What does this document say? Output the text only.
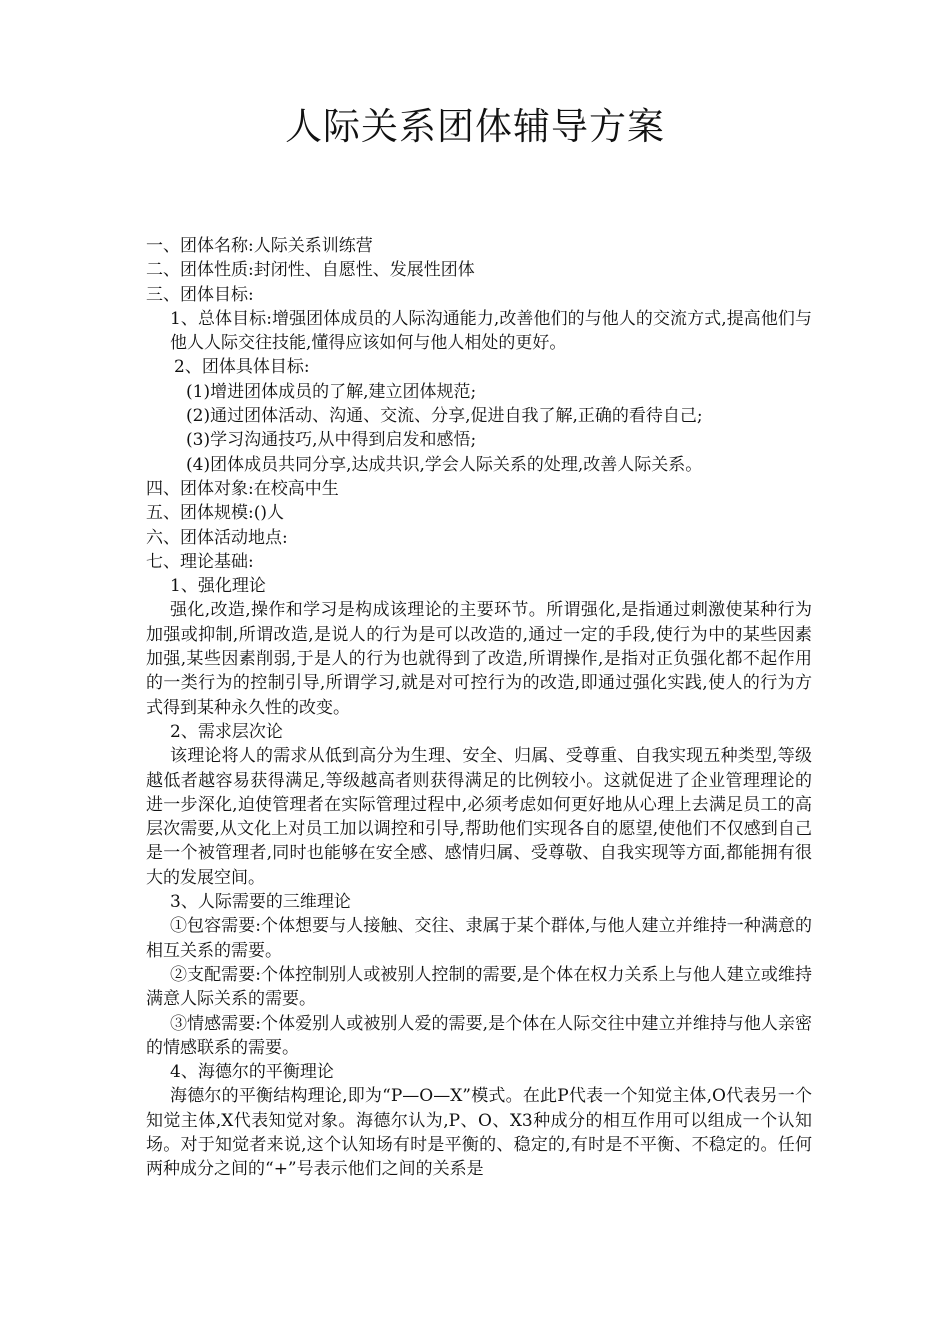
人际关系团体辅导方案

一、团体名称:人际关系训练营

二、团体性质:封闭性、自愿性、发展性团体

三、团体目标:

1、总体目标:增强团体成员的人际沟通能力,改善他们的与他人的交流方式,提高他们与他人人际交往技能,懂得应该如何与他人相处的更好。

2、团体具体目标:

(1)增进团体成员的了解,建立团体规范;

(2)通过团体活动、沟通、交流、分享,促进自我了解,正确的看待自己;

(3)学习沟通技巧,从中得到启发和感悟;

(4)团体成员共同分享,达成共识,学会人际关系的处理,改善人际关系。

四、团体对象:在校高中生

五、团体规模:()人

六、团体活动地点:

七、理论基础:

1、强化理论

强化,改造,操作和学习是构成该理论的主要环节。所谓强化,是指通过刺激使某种行为加强或抑制,所谓改造,是说人的行为是可以改造的,通过一定的手段,使行为中的某些因素加强,某些因素削弱,于是人的行为也就得到了改造,所谓操作,是指对正负强化都不起作用的一类行为的控制引导,所谓学习,就是对可控行为的改造,即通过强化实践,使人的行为方式得到某种永久性的改变。

2、需求层次论

该理论将人的需求从低到高分为生理、安全、归属、受尊重、自我实现五种类型,等级越低者越容易获得满足,等级越高者则获得满足的比例较小。这就促进了企业管理理论的进一步深化,迫使管理者在实际管理过程中,必须考虑如何更好地从心理上去满足员工的高层次需要,从文化上对员工加以调控和引导,帮助他们实现各自的愿望,使他们不仅感到自己是一个被管理者,同时也能够在安全感、感情归属、受尊敬、自我实现等方面,都能拥有很大的发展空间。

3、人际需要的三维理论

①包容需要:个体想要与人接触、交往、隶属于某个群体,与他人建立并维持一种满意的相互关系的需要。

②支配需要:个体控制别人或被别人控制的需要,是个体在权力关系上与他人建立或维持满意人际关系的需要。

③情感需要:个体爱别人或被别人爱的需要,是个体在人际交往中建立并维持与他人亲密的情感联系的需要。

4、海德尔的平衡理论

海德尔的平衡结构理论,即为“P—O—X”模式。在此P代表一个知觉主体,O代表另一个知觉主体,X代表知觉对象。海德尔认为,P、O、X3种成分的相互作用可以组成一个认知场。对于知觉者来说,这个认知场有时是平衡的、稳定的,有时是不平衡、不稳定的。任何两种成分之间的“+”号表示他们之间的关系是
